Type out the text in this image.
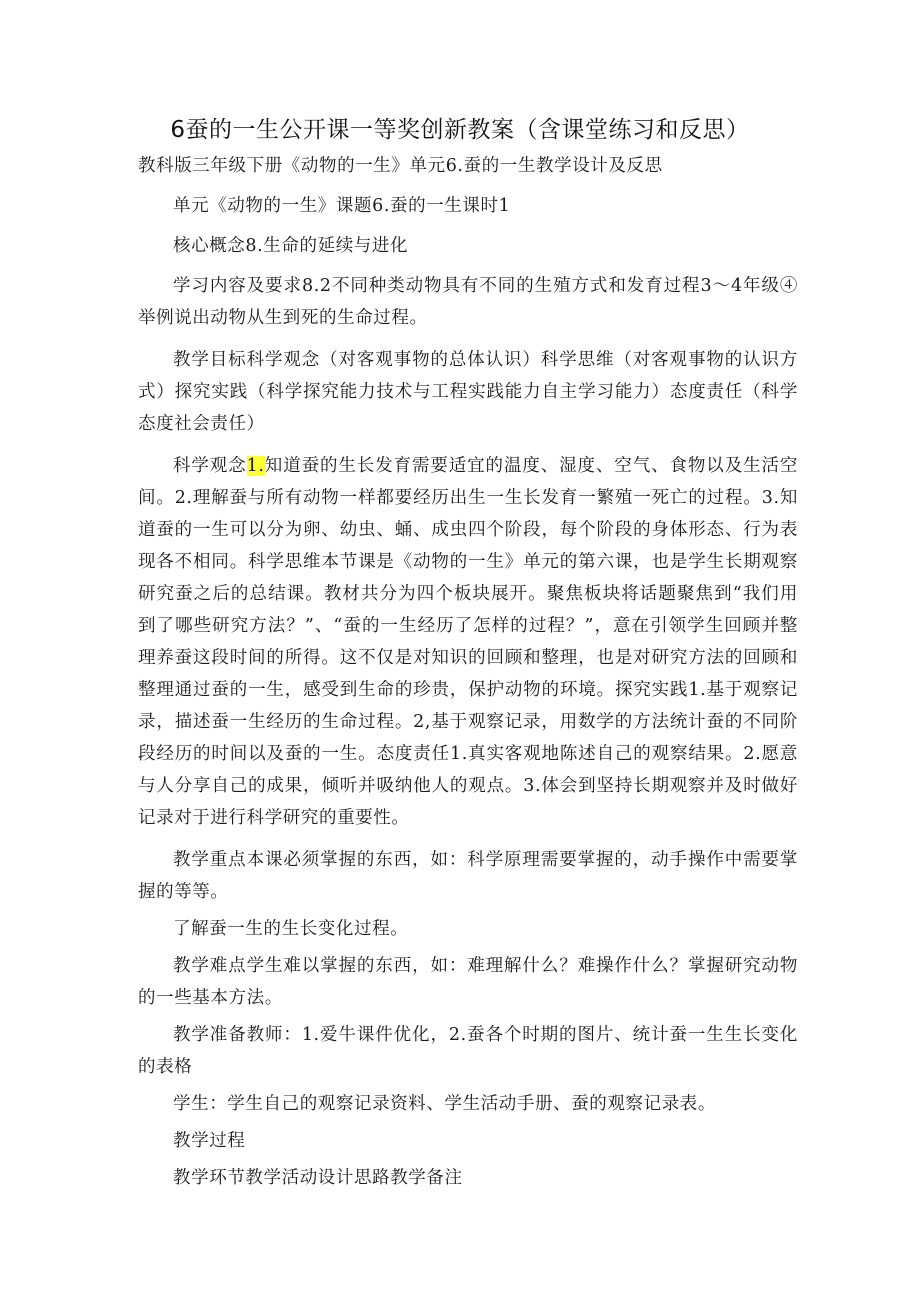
6蚕的一生公开课一等奖创新教案（含课堂练习和反思）

教科版三年级下册《动物的一生》单元6.蚕的一生教学设计及反思

单元《动物的一生》课题6.蚕的一生课时1

核心概念8.生命的延续与进化

学习内容及要求8.2不同种类动物具有不同的生殖方式和发育过程3～4年级④举例说出动物从生到死的生命过程。

教学目标科学观念（对客观事物的总体认识）科学思维（对客观事物的认识方式）探究实践（科学探究能力技术与工程实践能力自主学习能力）态度责任（科学态度社会责任）

科学观念1.知道蚕的生长发育需要适宜的温度、湿度、空气、食物以及生活空间。2.理解蚕与所有动物一样都要经历出生一生长发育一繁殖一死亡的过程。3.知道蚕的一生可以分为卵、幼虫、蛹、成虫四个阶段，每个阶段的身体形态、行为表现各不相同。科学思维本节课是《动物的一生》单元的第六课，也是学生长期观察研究蚕之后的总结课。教材共分为四个板块展开。聚焦板块将话题聚焦到“我们用到了哪些研究方法？”、“蚕的一生经历了怎样的过程？”，意在引领学生回顾并整理养蚕这段时间的所得。这不仅是对知识的回顾和整理，也是对研究方法的回顾和整理通过蚕的一生，感受到生命的珍贵，保护动物的环境。探究实践1.基于观察记录，描述蚕一生经历的生命过程。2,基于观察记录，用数学的方法统计蚕的不同阶段经历的时间以及蚕的一生。态度责任1.真实客观地陈述自己的观察结果。2.愿意与人分享自己的成果，倾听并吸纳他人的观点。3.体会到坚持长期观察并及时做好记录对于进行科学研究的重要性。

教学重点本课必须掌握的东西，如：科学原理需要掌握的，动手操作中需要掌握的等等。

了解蚕一生的生长变化过程。

教学难点学生难以掌握的东西，如：难理解什么？难操作什么？掌握研究动物的一些基本方法。

教学准备教师：1.爱牛课件优化，2.蚕各个时期的图片、统计蚕一生生长变化的表格

学生：学生自己的观察记录资料、学生活动手册、蚕的观察记录表。

教学过程

教学环节教学活动设计思路教学备注
